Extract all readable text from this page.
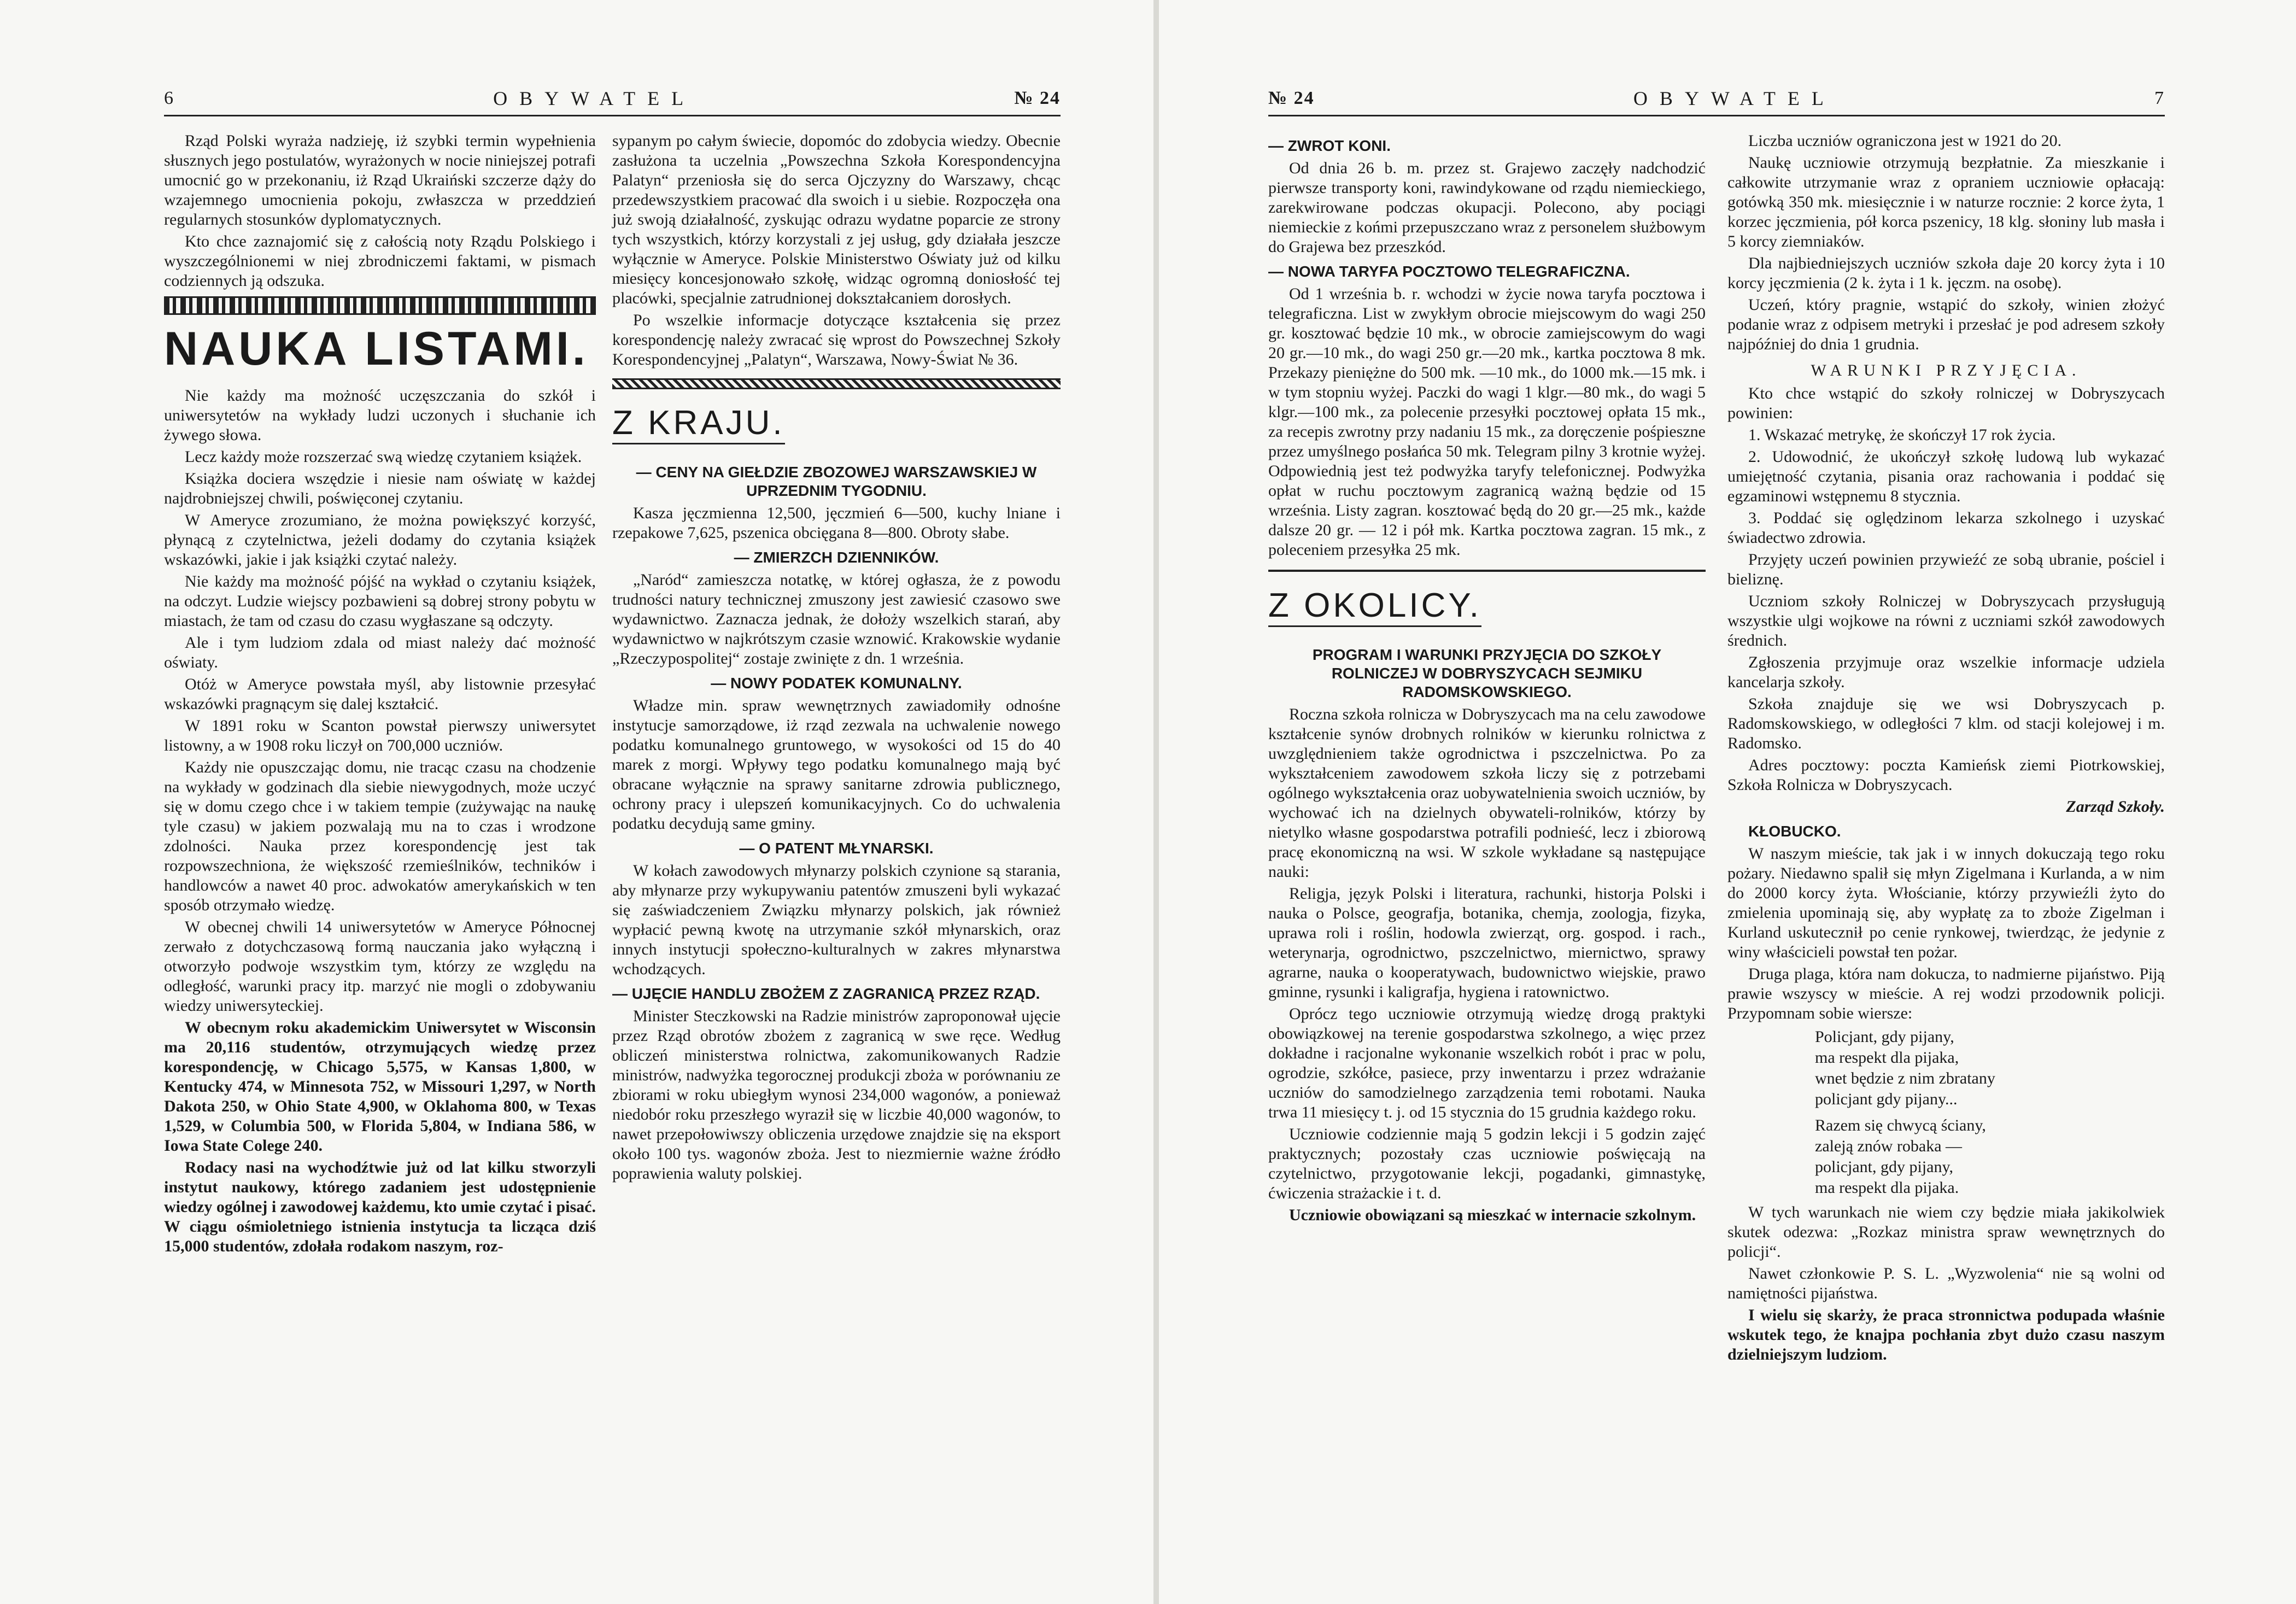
6	OBYWATEL	№ 24

Rząd Polski wyraża nadzieję, iż szybki termin wypełnienia słusznych jego postulatów, wyrażonych w nocie niniejszej potrafi umocnić go w przekonaniu, iż Rząd Ukraiński szczerze dąży do wzajemnego umocnienia pokoju, zwłaszcza w przeddzień regularnych stosunków dyplomatycznych.

Kto chce zaznajomić się z całością noty Rządu Polskiego i wyszczególnionemi w niej zbrodniczemi faktami, w pismach codziennych ją odszuka.

NAUKA LISTAMI.

Nie każdy ma możność uczęszczania do szkół i uniwersytetów na wykłady ludzi uczonych i słuchanie ich żywego słowa.

Lecz każdy może rozszerzać swą wiedzę czytaniem książek.

Książka dociera wszędzie i niesie nam oświatę w każdej najdrobniejszej chwili, poświęconej czytaniu.

W Ameryce zrozumiano, że można powiększyć korzyść, płynącą z czytelnictwa, jeżeli dodamy do czytania książek wskazówki, jakie i jak książki czytać należy.

Nie każdy ma możność pójść na wykład o czytaniu książek, na odczyt. Ludzie wiejscy pozbawieni są dobrej strony pobytu w miastach, że tam od czasu do czasu wygłaszane są odczyty.

Ale i tym ludziom zdala od miast należy dać możność oświaty.

Otóż w Ameryce powstała myśl, aby listownie przesyłać wskazówki pragnącym się dalej kształcić.

W 1891 roku w Scanton powstał pierwszy uniwersytet listowny, a w 1908 roku liczył on 700,000 uczniów.

Każdy nie opuszczając domu, nie tracąc czasu na chodzenie na wykłady w godzinach dla siebie niewygodnych, może uczyć się w domu czego chce i w takiem tempie (zużywając na naukę tyle czasu) w jakiem pozwalają mu na to czas i wrodzone zdolności. Nauka przez korespondencję jest tak rozpowszechniona, że większość rzemieślników, techników i handlowców a nawet 40 proc. adwokatów amerykańskich w ten sposób otrzymało wiedzę.

W obecnej chwili 14 uniwersytetów w Ameryce Północnej zerwało z dotychczasową formą nauczania jako wyłączną i otworzyło podwoje wszystkim tym, którzy ze względu na odległość, warunki pracy itp. marzyć nie mogli o zdobywaniu wiedzy uniwersyteckiej.

W obecnym roku akademickim Uniwersytet w Wisconsin ma 20,116 studentów, otrzymujących wiedzę przez korespondencję, w Chicago 5,575, w Kansas 1,800, w Kentucky 474, w Minnesota 752, w Missouri 1,297, w North Dakota 250, w Ohio State 4,900, w Oklahoma 800, w Texas 1,529, w Columbia 500, w Florida 5,804, w Indiana 586, w Iowa State Colege 240.

Rodacy nasi na wychodźtwie już od lat kilku stworzyli instytut naukowy, którego zadaniem jest udostępnienie wiedzy ogólnej i zawodowej każdemu, kto umie czytać i pisać. W ciągu ośmioletniego istnienia instytucja ta licząca dziś 15,000 studentów, zdołała rodakom naszym, roz-

sypanym po całym świecie, dopomóc do zdobycia wiedzy. Obecnie zasłużona ta uczelnia „Powszechna Szkoła Korespondencyjna Palatyn“ przeniosła się do serca Ojczyzny do Warszawy, chcąc przedewszystkiem pracować dla swoich i u siebie. Rozpoczęła ona już swoją działalność, zyskując odrazu wydatne poparcie ze strony tych wszystkich, którzy korzystali z jej usług, gdy działała jeszcze wyłącznie w Ameryce. Polskie Ministerstwo Oświaty już od kilku miesięcy koncesjonowało szkołę, widząc ogromną doniosłość tej placówki, specjalnie zatrudnionej dokształcaniem dorosłych.

Po wszelkie informacje dotyczące kształcenia się przez korespondencję należy zwracać się wprost do Powszechnej Szkoły Korespondencyjnej „Palatyn“, Warszawa, Nowy-Świat № 36.

Z KRAJU.
— CENY NA GIEŁDZIE ZBOZOWEJ WARSZAWSKIEJ W UPRZEDNIM TYGODNIU.

Kasza jęczmienna 12,500, jęczmień 6—500, kuchy lniane i rzepakowe 7,625, pszenica obcięgana 8—800. Obroty słabe.

— ZMIERZCH DZIENNIKÓW.

„Naród“ zamieszcza notatkę, w której ogłasza, że z powodu trudności natury technicznej zmuszony jest zawiesić czasowo swe wydawnictwo. Zaznacza jednak, że dołoży wszelkich starań, aby wydawnictwo w najkrótszym czasie wznowić. Krakowskie wydanie „Rzeczypospolitej“ zostaje zwinięte z dn. 1 września.

— NOWY PODATEK KOMUNALNY.

Władze min. spraw wewnętrznych zawiadomiły odnośne instytucje samorządowe, iż rząd zezwala na uchwalenie nowego podatku komunalnego gruntowego, w wysokości od 15 do 40 marek z morgi. Wpływy tego podatku komunalnego mają być obracane wyłącznie na sprawy sanitarne zdrowia publicznego, ochrony pracy i ulepszeń komunikacyjnych. Co do uchwalenia podatku decydują same gminy.

— O PATENT MŁYNARSKI.

W kołach zawodowych młynarzy polskich czynione są starania, aby młynarze przy wykupywaniu patentów zmuszeni byli wykazać się zaświadczeniem Związku młynarzy polskich, jak również wypłacić pewną kwotę na utrzymanie szkół młynarskich, oraz innych instytucji społeczno-kulturalnych w zakres młynarstwa wchodzących.

— UJĘCIE HANDLU ZBOŻEM Z ZAGRANICĄ PRZEZ RZĄD.

Minister Steczkowski na Radzie ministrów zaproponował ujęcie przez Rząd obrotów zbożem z zagranicą w swe ręce. Według obliczeń ministerstwa rolnictwa, zakomunikowanych Radzie ministrów, nadwyżka tegorocznej produkcji zboża w porównaniu ze zbiorami w roku ubiegłym wynosi 234,000 wagonów, a ponieważ niedobór roku przeszłego wyraził się w liczbie 40,000 wagonów, to nawet przepołowiwszy obliczenia urzędowe znajdzie się na eksport około 100 tys. wagonów zboża. Jest to niezmiernie ważne źródło poprawienia waluty polskiej.

№ 24	OBYWATEL	7
— ZWROT KONI.

Od dnia 26 b. m. przez st. Grajewo zaczęły nadchodzić pierwsze transporty koni, rawindykowane od rządu niemieckiego, zarekwirowane podczas okupacji. Polecono, aby pociągi niemieckie z końmi przepuszczano wraz z personelem służbowym do Grajewa bez przeszkód.

— NOWA TARYFA POCZTOWO TELEGRAFICZNA.

Od 1 września b. r. wchodzi w życie nowa taryfa pocztowa i telegraficzna. List w zwykłym obrocie miejscowym do wagi 250 gr. kosztować będzie 10 mk., w obrocie zamiejscowym do wagi 20 gr.—10 mk., do wagi 250 gr.—20 mk., kartka pocztowa 8 mk. Przekazy pieniężne do 500 mk. —10 mk., do 1000 mk.—15 mk. i w tym stopniu wyżej. Paczki do wagi 1 klgr.—80 mk., do wagi 5 klgr.—100 mk., za polecenie przesyłki pocztowej opłata 15 mk., za recepis zwrotny przy nadaniu 15 mk., za doręczenie pośpieszne przez umyślnego posłańca 50 mk. Telegram pilny 3 krotnie wyżej. Odpowiednią jest też podwyżka taryfy telefonicznej. Podwyżka opłat w ruchu pocztowym zagranicą ważną będzie od 15 września. Listy zagran. kosztować będą do 20 gr.—25 mk., każde dalsze 20 gr. — 12 i pół mk. Kartka pocztowa zagran. 15 mk., z poleceniem przesyłka 25 mk.

Z OKOLICY.
PROGRAM I WARUNKI PRZYJĘCIA DO SZKOŁY ROLNICZEJ W DOBRYSZYCACH SEJMIKU RADOMSKOWSKIEGO.

Roczna szkoła rolnicza w Dobryszycach ma na celu zawodowe kształcenie synów drobnych rolników w kierunku rolnictwa z uwzględnieniem także ogrodnictwa i pszczelnictwa. Po za wykształceniem zawodowem szkoła liczy się z potrzebami ogólnego wykształcenia oraz uobywatelnienia swoich uczniów, by wychować ich na dzielnych obywateli-rolników, którzy by nietylko własne gospodarstwa potrafili podnieść, lecz i zbiorową pracę ekonomiczną na wsi. W szkole wykładane są następujące nauki:

Religja, język Polski i literatura, rachunki, historja Polski i nauka o Polsce, geografja, botanika, chemja, zoologja, fizyka, uprawa roli i roślin, hodowla zwierząt, org. gospod. i rach., weterynarja, ogrodnictwo, pszczelnictwo, miernictwo, sprawy agrarne, nauka o kooperatywach, budownictwo wiejskie, prawo gminne, rysunki i kaligrafja, hygiena i ratownictwo.

Oprócz tego uczniowie otrzymują wiedzę drogą praktyki obowiązkowej na terenie gospodarstwa szkolnego, a więc przez dokładne i racjonalne wykonanie wszelkich robót i prac w polu, ogrodzie, szkółce, pasiece, przy inwentarzu i przez wdrażanie uczniów do samodzielnego zarządzenia temi robotami. Nauka trwa 11 miesięcy t. j. od 15 stycznia do 15 grudnia każdego roku.

Uczniowie codziennie mają 5 godzin lekcji i 5 godzin zajęć praktycznych; pozostały czas uczniowie poświęcają na czytelnictwo, przygotowanie lekcji, pogadanki, gimnastykę, ćwiczenia strażackie i t. d.

Uczniowie obowiązani są mieszkać w internacie szkolnym.

Liczba uczniów ograniczona jest w 1921 do 20.

Naukę uczniowie otrzymują bezpłatnie. Za mieszkanie i całkowite utrzymanie wraz z opraniem uczniowie opłacają: gotówką 350 mk. miesięcznie i w naturze rocznie: 2 korce żyta, 1 korzec jęczmienia, pół korca pszenicy, 18 klg. słoniny lub masła i 5 korcy ziemniaków.

Dla najbiedniejszych uczniów szkoła daje 20 korcy żyta i 10 korcy jęczmienia (2 k. żyta i 1 k. jęczm. na osobę).

Uczeń, który pragnie, wstąpić do szkoły, winien złożyć podanie wraz z odpisem metryki i przesłać je pod adresem szkoły najpóźniej do dnia 1 grudnia.

WARUNKI PRZYJĘCIA.

Kto chce wstąpić do szkoły rolniczej w Dobryszycach powinien:

1. Wskazać metrykę, że skończył 17 rok życia.

2. Udowodnić, że ukończył szkołę ludową lub wykazać umiejętność czytania, pisania oraz rachowania i poddać się egzaminowi wstępnemu 8 stycznia.

3. Poddać się oględzinom lekarza szkolnego i uzyskać świadectwo zdrowia.

Przyjęty uczeń powinien przywieźć ze sobą ubranie, pościel i bieliznę.

Uczniom szkoły Rolniczej w Dobryszycach przysługują wszystkie ulgi wojkowe na równi z uczniami szkół zawodowych średnich.

Zgłoszenia przyjmuje oraz wszelkie informacje udziela kancelarja szkoły.

Szkoła znajduje się we wsi Dobryszycach p. Radomskowskiego, w odległości 7 klm. od stacji kolejowej i m. Radomsko.

Adres pocztowy: poczta Kamieńsk ziemi Piotrkowskiej, Szkoła Rolnicza w Dobryszycach.

Zarząd Szkoły.
KŁOBUCKO.

W naszym mieście, tak jak i w innych dokuczają tego roku pożary. Niedawno spalił się młyn Zigelmana i Kurlanda, a w nim do 2000 korcy żyta. Włościanie, którzy przywieźli żyto do zmielenia upominają się, aby wypłatę za to zboże Zigelman i Kurland uskutecznił po cenie rynkowej, twierdząc, że jedynie z winy właścicieli powstał ten pożar.

Druga plaga, która nam dokucza, to nadmierne pijaństwo. Piją prawie wszyscy w mieście. A rej wodzi przodownik policji. Przypomnam sobie wiersze:

Policjant, gdy pijany,
ma respekt dla pijaka,
wnet będzie z nim zbratany
policjant gdy pijany...
Razem się chwycą ściany,
zaleją znów robaka —
policjant, gdy pijany,
ma respekt dla pijaka.

W tych warunkach nie wiem czy będzie miała jakikolwiek skutek odezwa: „Rozkaz ministra spraw wewnętrznych do policji“.

Nawet członkowie P. S. L. „Wyzwolenia“ nie są wolni od namiętności pijaństwa.

I wielu się skarży, że praca stronnictwa podupada właśnie wskutek tego, że knajpa pochłania zbyt dużo czasu naszym dzielniejszym ludziom.
